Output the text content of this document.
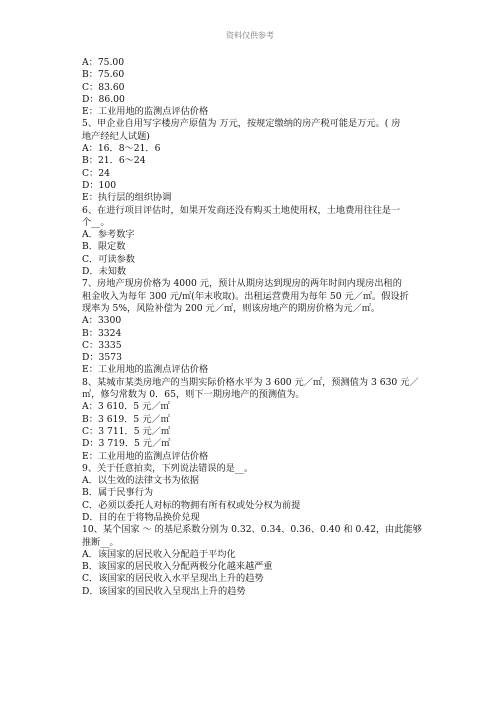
资料仅供参考
A：75.00
B：75.60
C：83.60
D：86.00
E：工业用地的监测点评估价格
5、甲企业自用写字楼房产原值为 万元，按规定缴纳的房产税可能是万元。( 房
地产经纪人试题)
A：16．8～21．6
B：21．6～24
C：24
D：100
E：执行层的组织协调
6、在进行项目评估时，如果开发商还没有购买土地使用权，土地费用往往是一
个__。
A．参考数字
B．限定数
C．可读参数
D．未知数
7、房地产现房价格为 4000 元，预计从期房达到现房的两年时间内现房出租的
租金收入为每年 300 元/㎡(年末收取)。出租运营费用为每年 50 元／㎡。假设折
现率为 5%，风险补偿为 200 元／㎡，则该房地产的期房价格为元／㎡。
A：3300
B：3324
C：3335
D：3573
E：工业用地的监测点评估价格
8、某城市某类房地产的当期实际价格水平为 3 600 元／㎡，预测值为 3 630 元／
㎡，修匀常数为 0．65，则下一期房地产的预测值为。
A：3 610．5 元／㎡
B：3 619．5 元／㎡
C：3 711．5 元／㎡
D：3 719．5 元／㎡
E：工业用地的监测点评估价格
9、关于任意拍卖，下列说法错误的是__。
A．以生效的法律文书为依据
B．属于民事行为
C．必须以委托人对标的物拥有所有权或处分权为前提
D．目的在于将物品换价兑现
10、某个国家 ～ 的基尼系数分别为 0.32、0.34、0.36、0.40 和 0.42，由此能够
推断__。
A．该国家的居民收入分配趋于平均化
B．该国家的居民收入分配两极分化越来越严重
C．该国家的居民收入水平呈现出上升的趋势
D．该国家的国民收入呈现出上升的趋势
